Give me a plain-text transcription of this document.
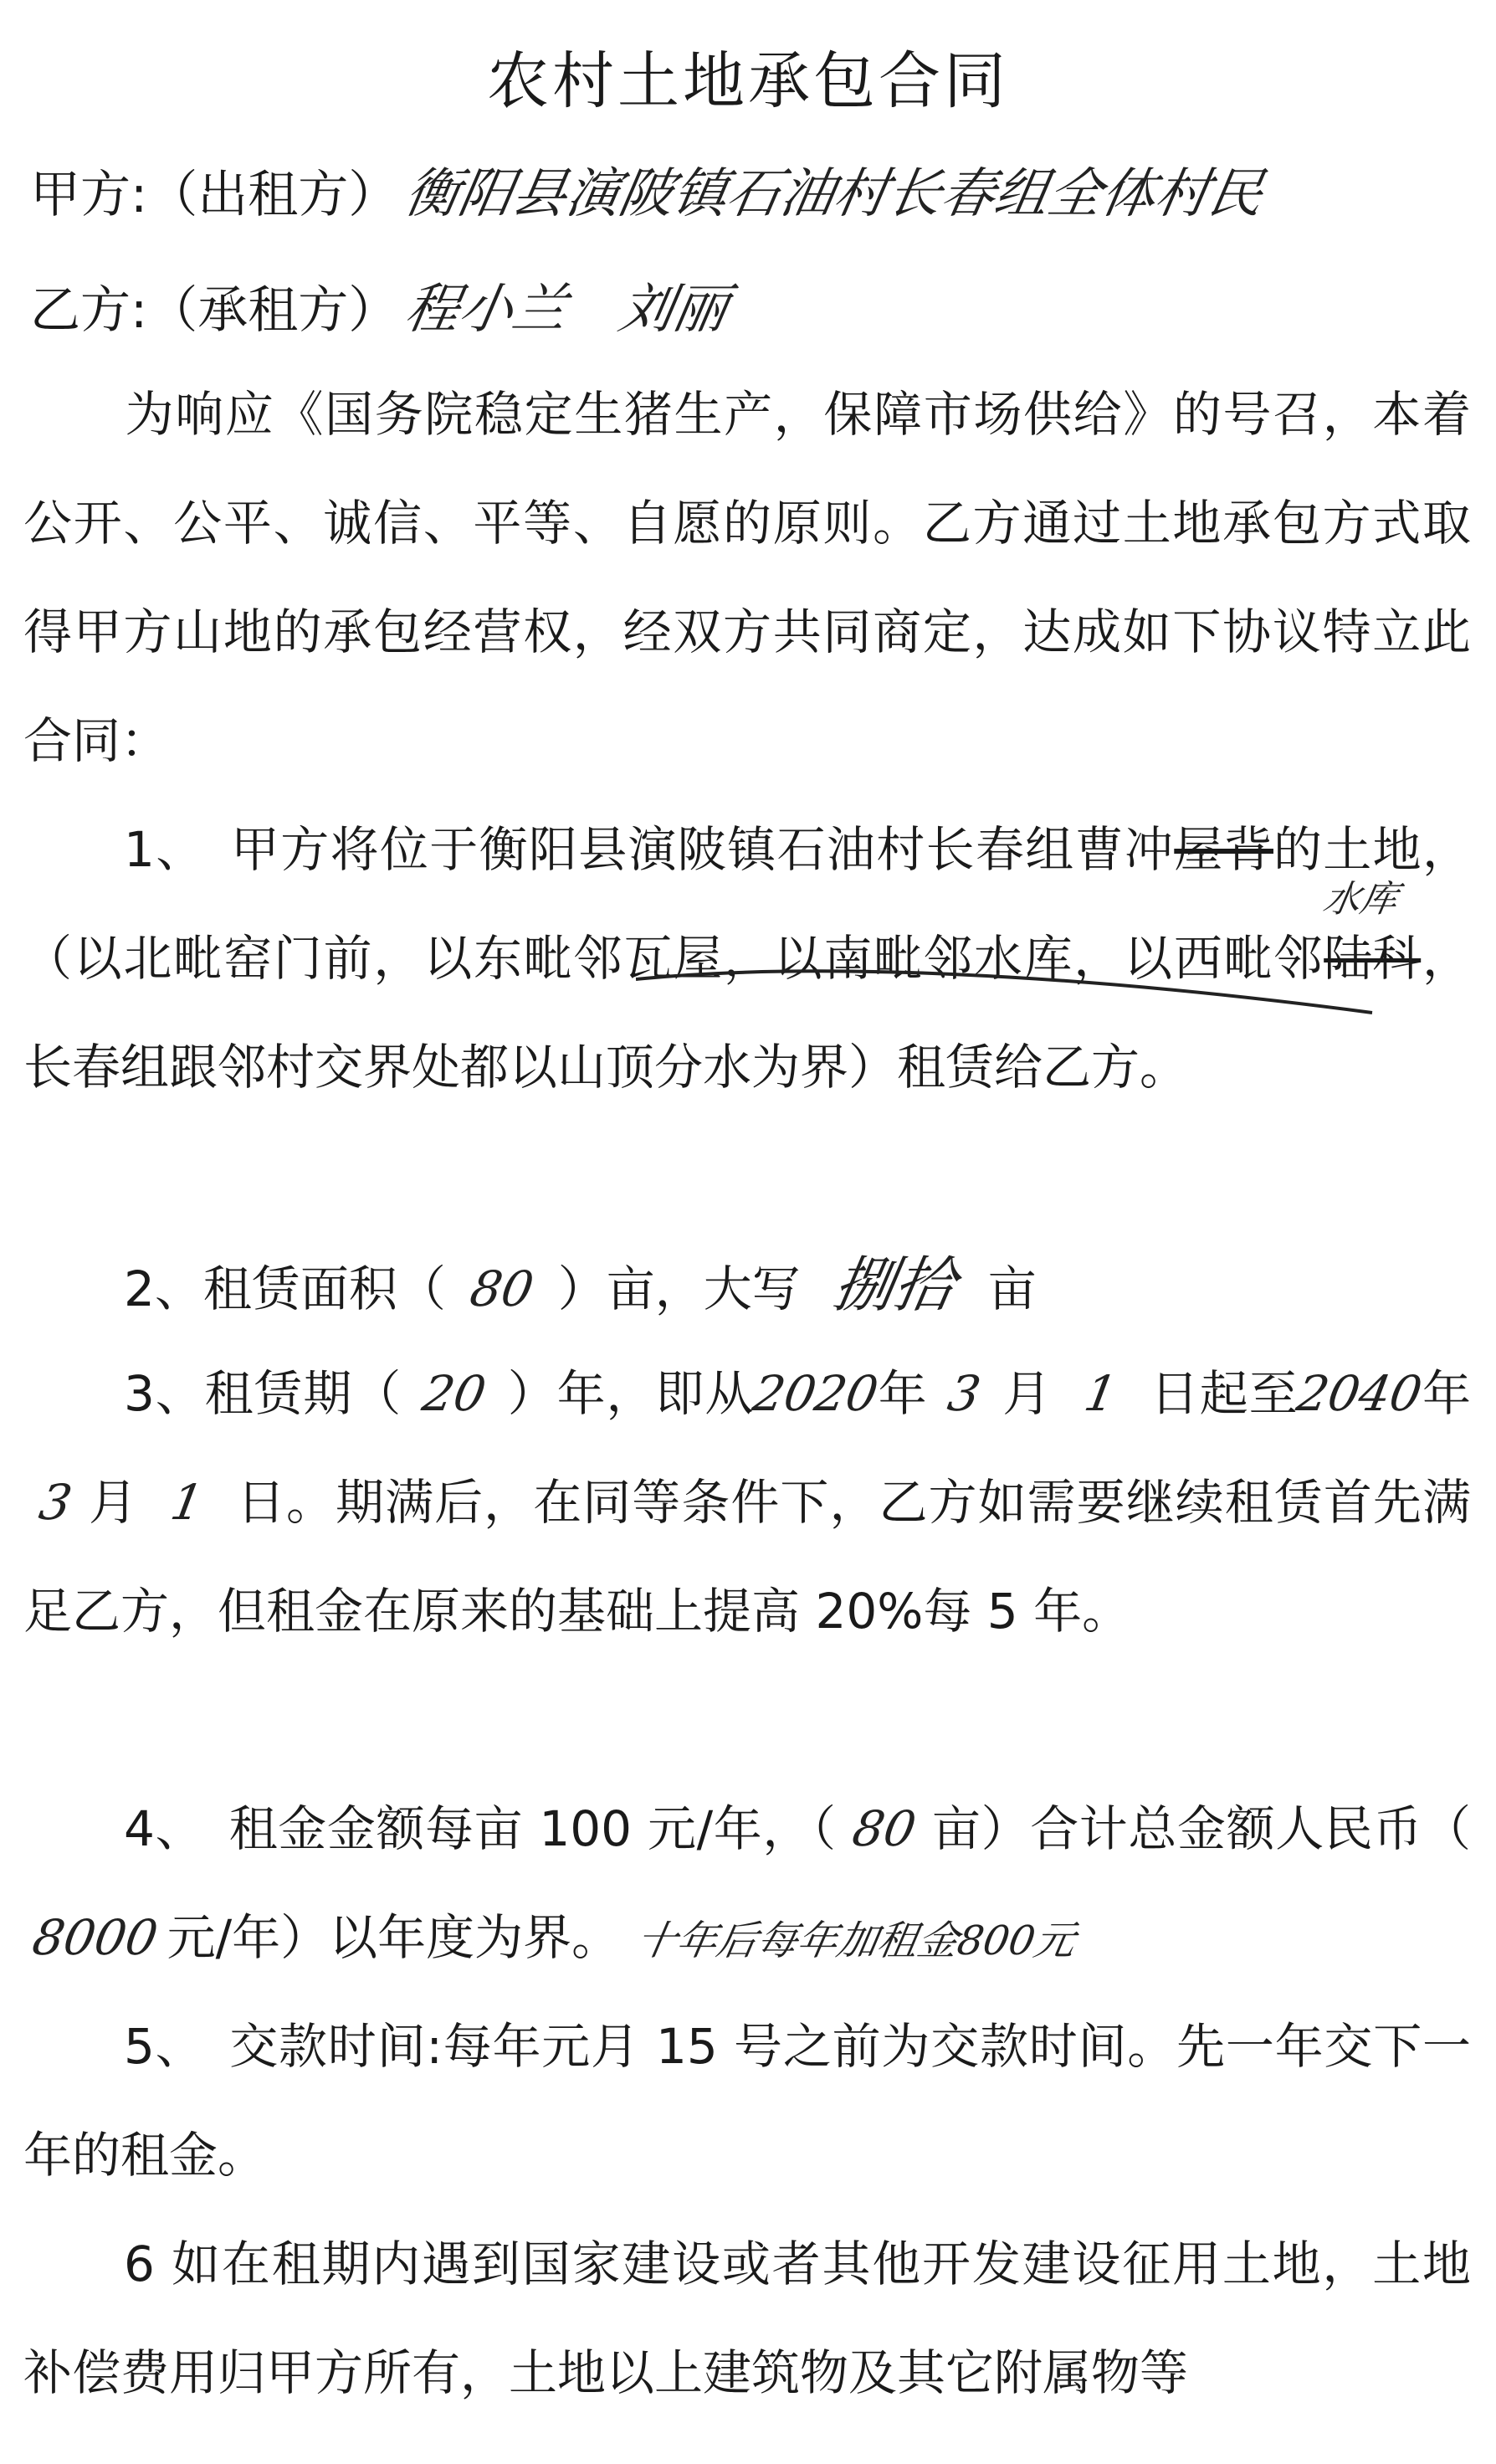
农村土地承包合同
甲方:（出租方）衡阳县演陂镇石油村长春组全体村民
乙方:（承租方）程小兰　刘丽

为响应《国务院稳定生猪生产，保障市场供给》的号召，本着公开、公平、诚信、平等、自愿的原则。乙方通过土地承包方式取得甲方山地的承包经营权，经双方共同商定，达成如下协议特立此合同：

1、　甲方将位于衡阳县演陂镇石油村长春组曹冲屋背的土地，（以北毗窑门前，以东毗邻瓦屋，以南毗邻水库，以西毗邻陆科
水库
，长春组跟邻村交界处都以山顶分水为界）租赁给乙方。

2、租赁面积（ 80 ）亩，大写 捌拾 亩

3、租赁期（ 20 ）年，即从2020年 3 月 1 日起至2040年3 月 1 日。期满后，在同等条件下，乙方如需要继续租赁首先满足乙方，但租金在原来的基础上提高 20%每 5 年。

4、　租金金额每亩 100 元/年，（ 80 亩）合计总金额人民币（8000 元/年）以年度为界。 十年后每年加租金800元

5、　交款时间:每年元月 15 号之前为交款时间。先一年交下一年的租金。

6 如在租期内遇到国家建设或者其他开发建设征用土地，土地补偿费用归甲方所有，土地以上建筑物及其它附属物等
